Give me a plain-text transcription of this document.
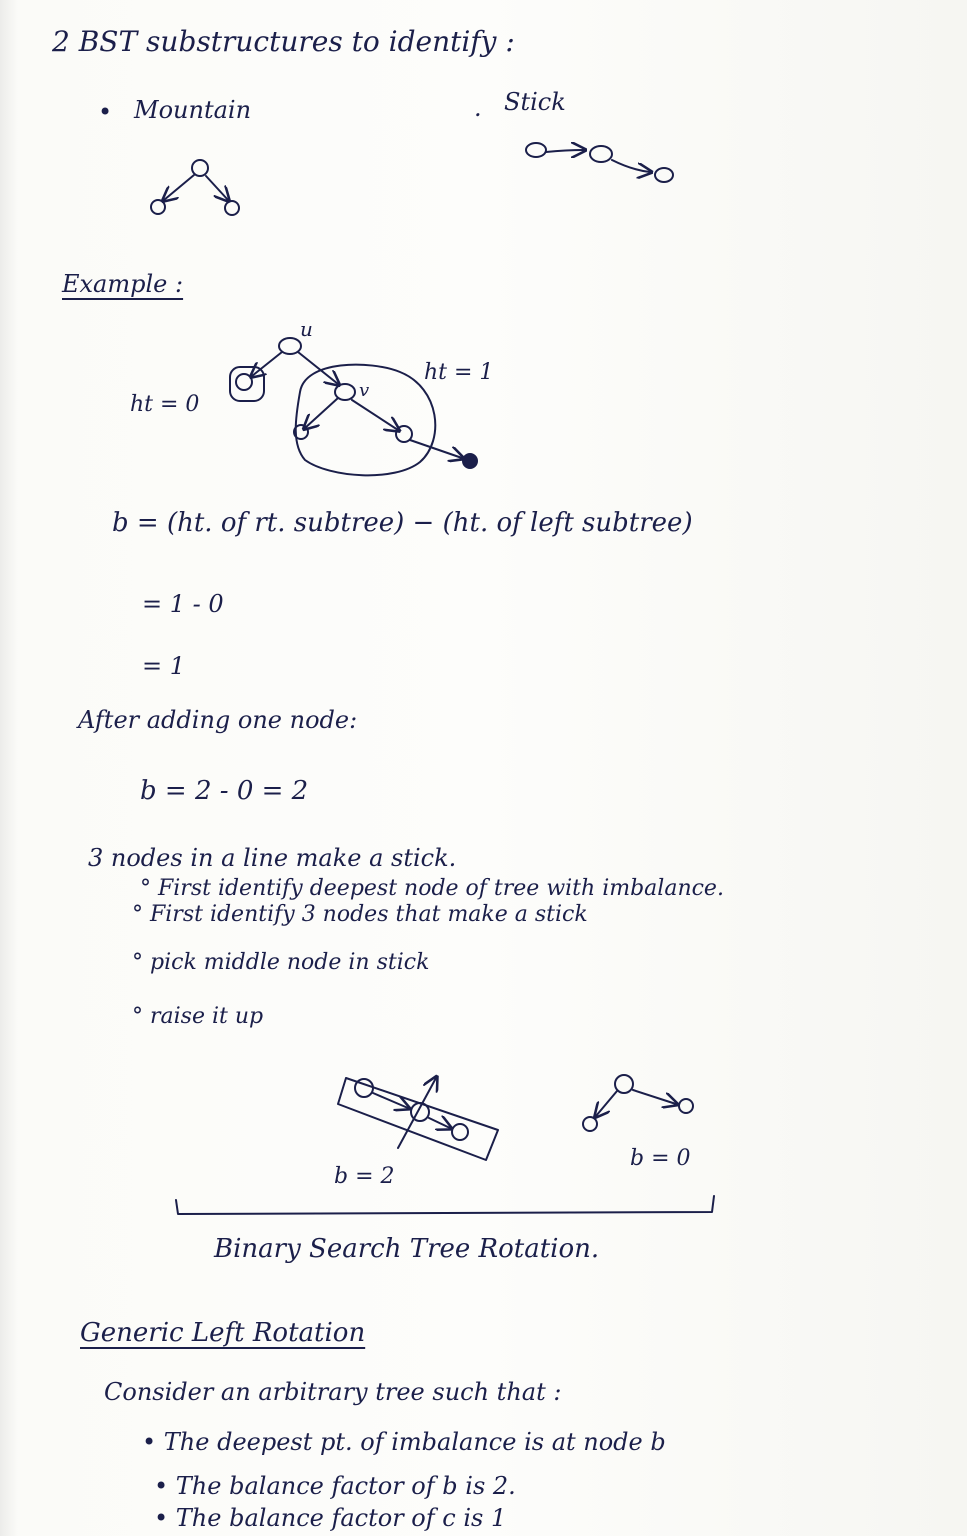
2 BST substructures to identify :
• Mountain	. Stick
Example :
ht = 0
ht = 1
b = (ht. of rt. subtree) − (ht. of left subtree)
= 1 - 0
= 1
After adding one node:
b = 2 - 0 = 2
3 nodes in a line make a stick.
° First identify deepest node of tree with imbalance.
° First identify 3 nodes that make a stick
° pick middle node in stick
° raise it up
b = 2
b = 0
Binary Search Tree Rotation.
Generic Left Rotation
Consider an arbitrary tree such that :
• The deepest pt. of imbalance is at node b
• The balance factor of b is 2.
• The balance factor of c is 1
u
v
